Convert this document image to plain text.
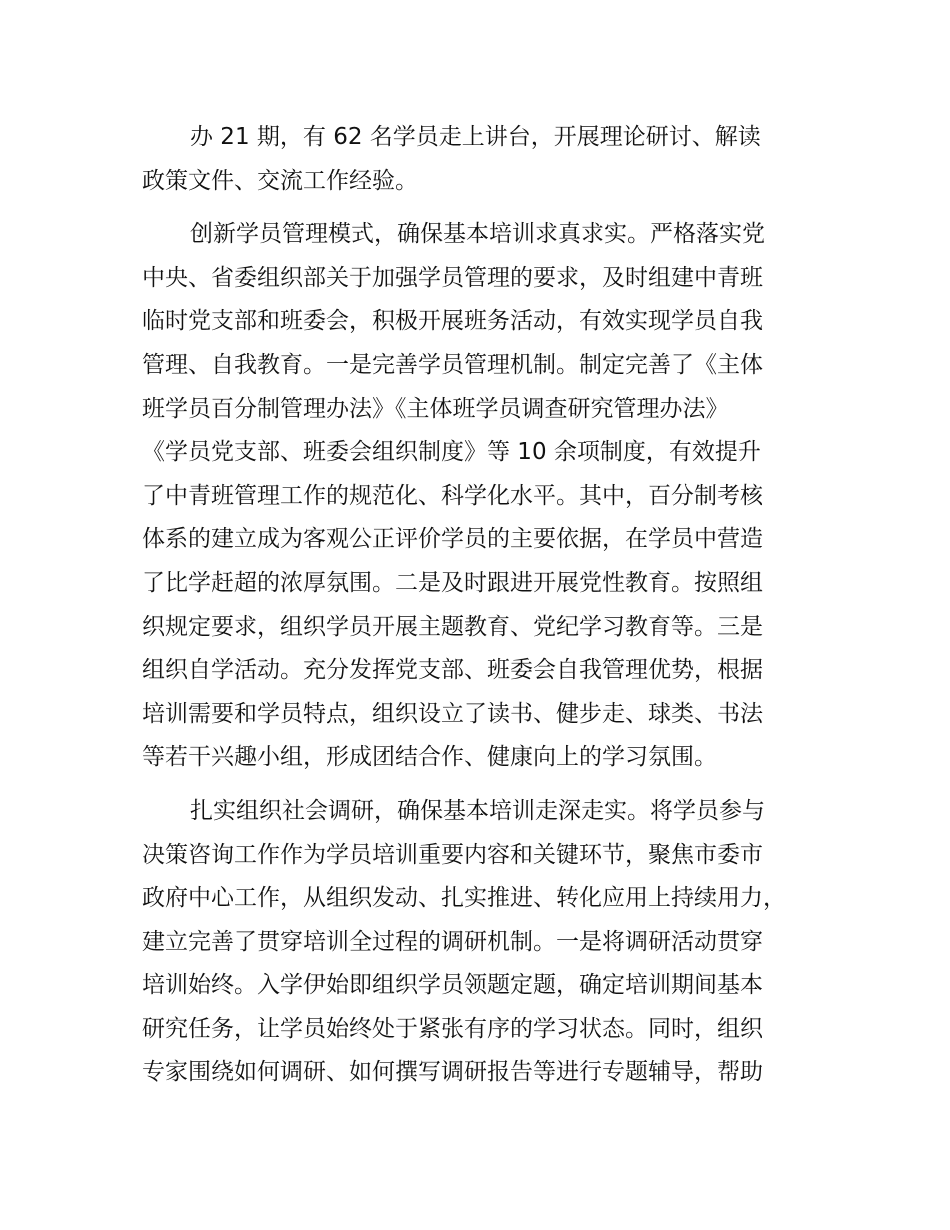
办 21 期，有 62 名学员走上讲台，开展理论研讨、解读
政策文件、交流工作经验。
创新学员管理模式，确保基本培训求真求实。严格落实党
中央、省委组织部关于加强学员管理的要求，及时组建中青班
临时党支部和班委会，积极开展班务活动，有效实现学员自我
管理、自我教育。一是完善学员管理机制。制定完善了《主体
班学员百分制管理办法》《主体班学员调查研究管理办法》
《学员党支部、班委会组织制度》等 10 余项制度，有效提升
了中青班管理工作的规范化、科学化水平。其中，百分制考核
体系的建立成为客观公正评价学员的主要依据，在学员中营造
了比学赶超的浓厚氛围。二是及时跟进开展党性教育。按照组
织规定要求，组织学员开展主题教育、党纪学习教育等。三是
组织自学活动。充分发挥党支部、班委会自我管理优势，根据
培训需要和学员特点，组织设立了读书、健步走、球类、书法
等若干兴趣小组，形成团结合作、健康向上的学习氛围。
扎实组织社会调研，确保基本培训走深走实。将学员参与
决策咨询工作作为学员培训重要内容和关键环节，聚焦市委市
政府中心工作，从组织发动、扎实推进、转化应用上持续用力，
建立完善了贯穿培训全过程的调研机制。一是将调研活动贯穿
培训始终。入学伊始即组织学员领题定题，确定培训期间基本
研究任务，让学员始终处于紧张有序的学习状态。同时，组织
专家围绕如何调研、如何撰写调研报告等进行专题辅导，帮助
